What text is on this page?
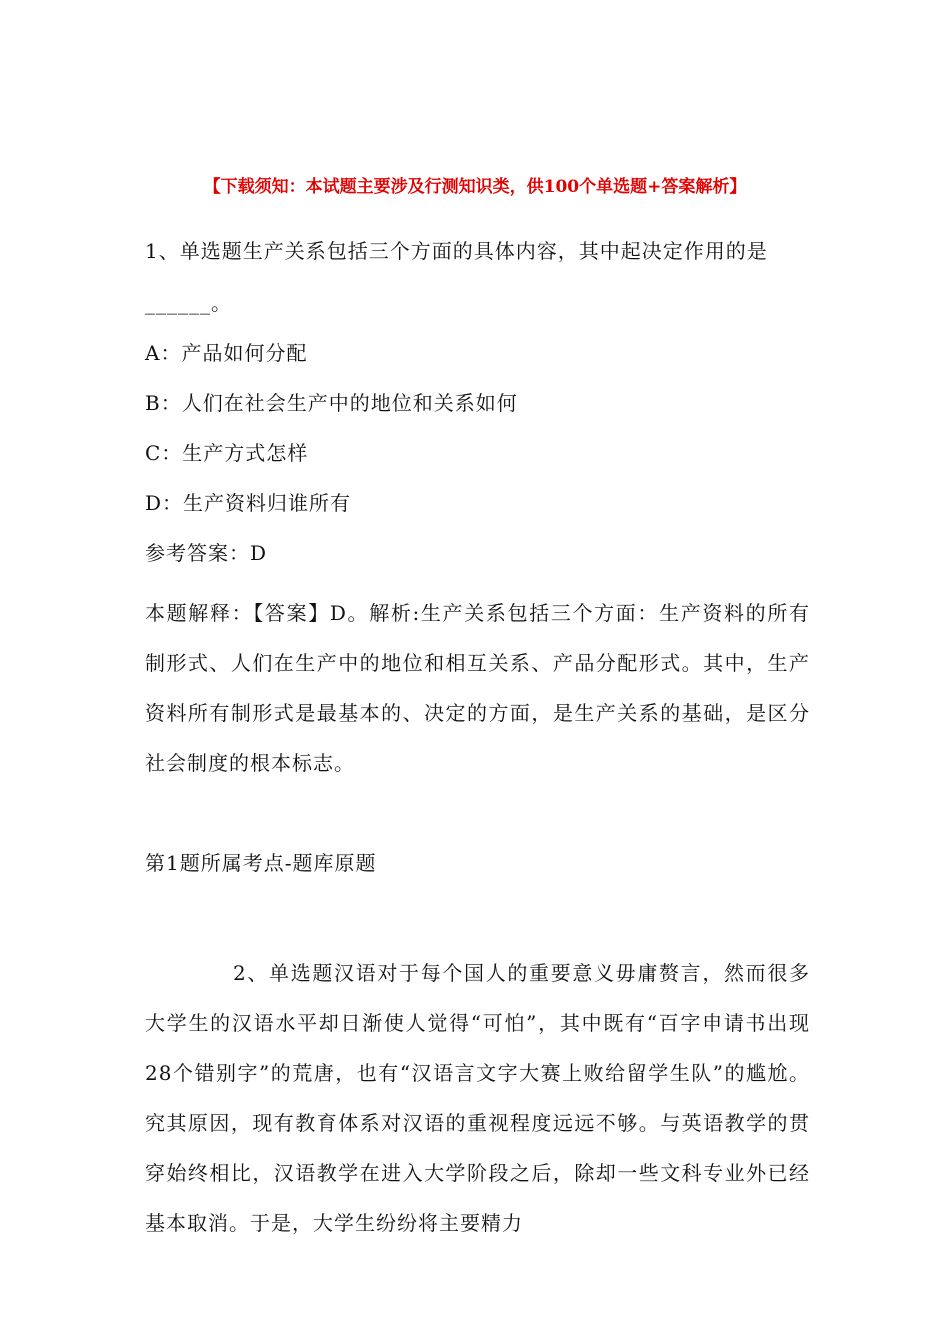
【下载须知：本试题主要涉及行测知识类，供100个单选题+答案解析】
1、单选题生产关系包括三个方面的具体内容，其中起决定作用的是
______。
A：产品如何分配
B：人们在社会生产中的地位和关系如何
C：生产方式怎样
D：生产资料归谁所有
参考答案：D

本题解释：【答案】D。解析:生产关系包括三个方面：生产资料的所有制形式、人们在生产中的地位和相互关系、产品分配形式。其中，生产资料所有制形式是最基本的、决定的方面，是生产关系的基础，是区分社会制度的根本标志。

第1题所属考点-题库原题

2、单选题汉语对于每个国人的重要意义毋庸赘言，然而很多大学生的汉语水平却日渐使人觉得“可怕”，其中既有“百字申请书出现28个错别字”的荒唐，也有“汉语言文字大赛上败给留学生队”的尴尬。究其原因，现有教育体系对汉语的重视程度远远不够。与英语教学的贯穿始终相比，汉语教学在进入大学阶段之后，除却一些文科专业外已经基本取消。于是，大学生纷纷将主要精力
